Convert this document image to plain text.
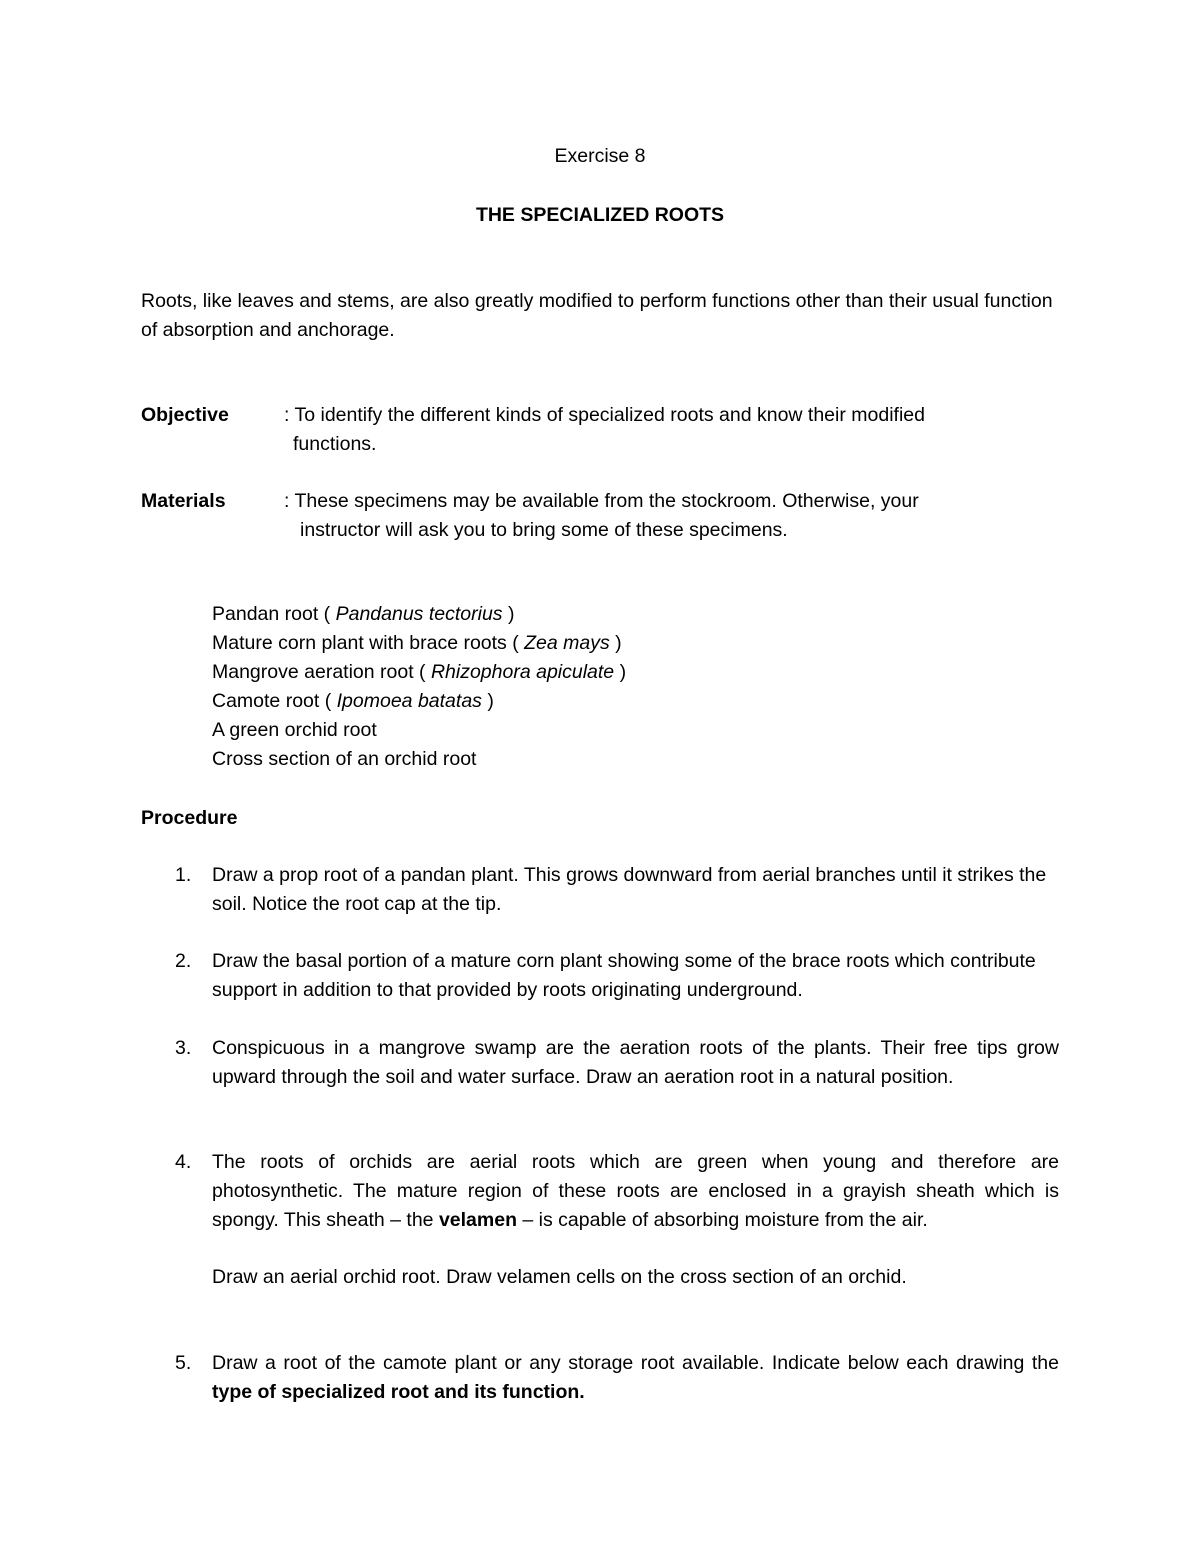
Exercise 8
THE SPECIALIZED ROOTS
Roots, like leaves and stems, are also greatly modified to perform functions other than their usual function of absorption and anchorage.
Objective	: To identify the different kinds of specialized roots and know their modified
functions.
Materials	: These specimens may be available from the stockroom. Otherwise, your
instructor will ask you to bring some of these specimens.
Pandan root ( Pandanus tectorius )
Mature corn plant with brace roots ( Zea mays )
Mangrove aeration root ( Rhizophora apiculate )
Camote root ( Ipomoea batatas )
A green orchid root
Cross section of an orchid root
Procedure
1. Draw a prop root of a pandan plant. This grows downward from aerial branches until it strikes the soil. Notice the root cap at the tip.
2. Draw the basal portion of a mature corn plant showing some of the brace roots which contribute support in addition to that provided by roots originating underground.
3. Conspicuous in a mangrove swamp are the aeration roots of the plants. Their free tips grow upward through the soil and water surface. Draw an aeration root in a natural position.
4. The roots of orchids are aerial roots which are green when young and therefore are photosynthetic. The mature region of these roots are enclosed in a grayish sheath which is spongy. This sheath – the velamen – is capable of absorbing moisture from the air.
Draw an aerial orchid root. Draw velamen cells on the cross section of an orchid.
5. Draw a root of the camote plant or any storage root available. Indicate below each drawing the type of specialized root and its function.
